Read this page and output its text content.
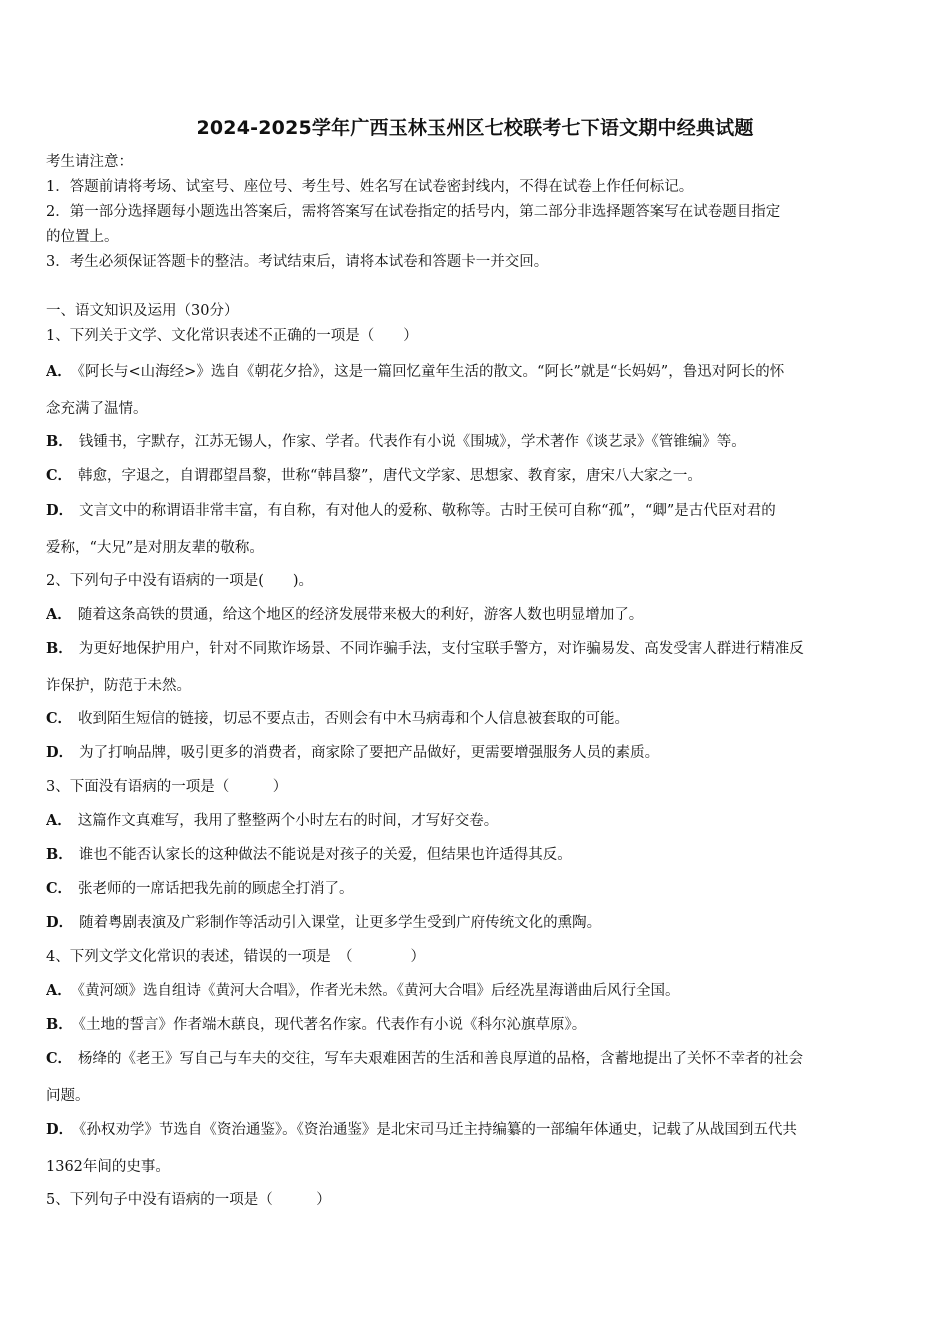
2024-2025学年广西玉林玉州区七校联考七下语文期中经典试题
考生请注意：
1．答题前请将考场、试室号、座位号、考生号、姓名写在试卷密封线内，不得在试卷上作任何标记。
2．第一部分选择题每小题选出答案后，需将答案写在试卷指定的括号内，第二部分非选择题答案写在试卷题目指定
的位置上。
3．考生必须保证答题卡的整洁。考试结束后，请将本试卷和答题卡一并交回。
一、语文知识及运用（30分）
1、下列关于文学、文化常识表述不正确的一项是（　　）
A． 《阿长与<山海经>》选自《朝花夕拾》，这是一篇回忆童年生活的散文。“阿长”就是“长妈妈”，鲁迅对阿长的怀
念充满了温情。
B． 钱锺书，字默存，江苏无锡人，作家、学者。代表作有小说《围城》，学术著作《谈艺录》《管锥编》等。
C． 韩愈，字退之，自谓郡望昌黎，世称“韩昌黎”，唐代文学家、思想家、教育家，唐宋八大家之一。
D． 文言文中的称谓语非常丰富，有自称，有对他人的爱称、敬称等。古时王侯可自称“孤”，“卿”是古代臣对君的
爱称，“大兄”是对朋友辈的敬称。
2、下列句子中没有语病的一项是(　　)。
A． 随着这条高铁的贯通，给这个地区的经济发展带来极大的利好，游客人数也明显增加了。
B． 为更好地保护用户，针对不同欺诈场景、不同诈骗手法，支付宝联手警方，对诈骗易发、高发受害人群进行精准反
诈保护，防范于未然。
C． 收到陌生短信的链接，切忌不要点击，否则会有中木马病毒和个人信息被套取的可能。
D． 为了打响品牌，吸引更多的消费者，商家除了要把产品做好，更需要增强服务人员的素质。
3、下面没有语病的一项是（　　　）
A． 这篇作文真难写，我用了整整两个小时左右的时间，才写好交卷。
B． 谁也不能否认家长的这种做法不能说是对孩子的关爱，但结果也许适得其反。
C． 张老师的一席话把我先前的顾虑全打消了。
D． 随着粤剧表演及广彩制作等活动引入课堂，让更多学生受到广府传统文化的熏陶。
4、下列文学文化常识的表述，错误的一项是　（　　　　）
A． 《黄河颂》选自组诗《黄河大合唱》，作者光未然。《黄河大合唱》后经冼星海谱曲后风行全国。
B． 《土地的誓言》作者端木蕻良，现代著名作家。代表作有小说《科尔沁旗草原》。
C． 杨绛的《老王》写自己与车夫的交往，写车夫艰难困苦的生活和善良厚道的品格，含蓄地提出了关怀不幸者的社会
问题。
D． 《孙权劝学》节选自《资治通鉴》。《资治通鉴》是北宋司马迁主持编纂的一部编年体通史，记载了从战国到五代共
1362年间的史事。
5、下列句子中没有语病的一项是（　　　）
